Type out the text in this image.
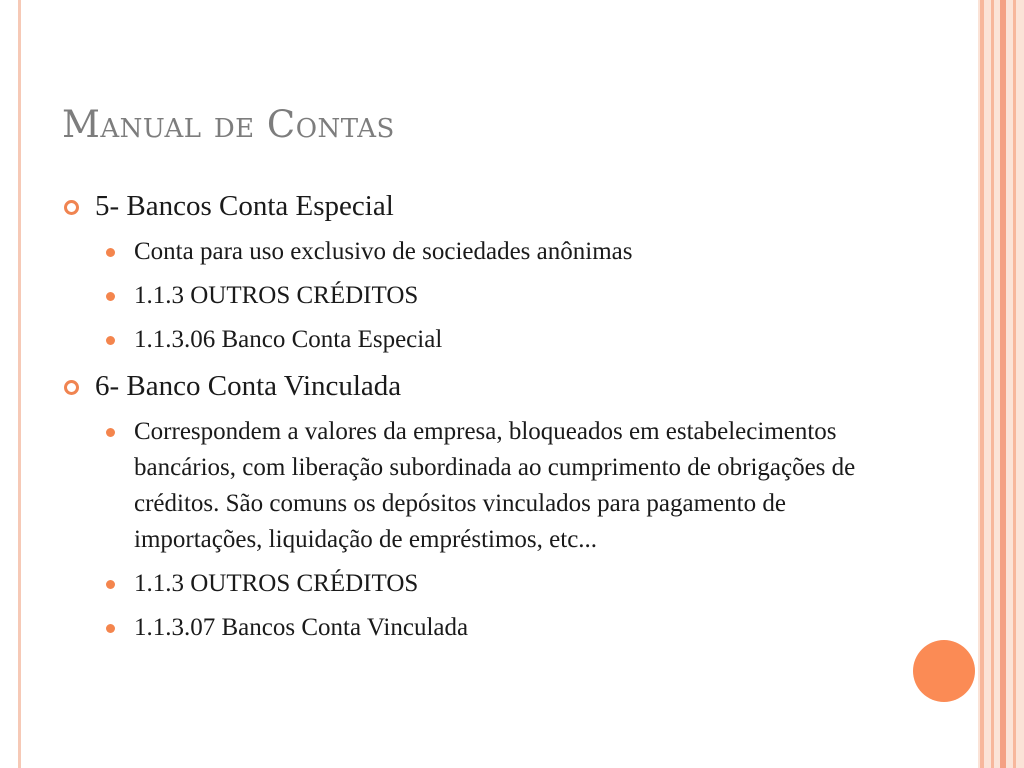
Manual de Contas
5- Bancos Conta Especial
Conta para uso exclusivo de sociedades anônimas
1.1.3 OUTROS CRÉDITOS
1.1.3.06 Banco Conta Especial
6- Banco Conta Vinculada
Correspondem a valores da empresa, bloqueados em estabelecimentos bancários, com liberação subordinada ao cumprimento de obrigações de créditos. São comuns os depósitos vinculados para pagamento de importações, liquidação de empréstimos, etc...
1.1.3 OUTROS CRÉDITOS
1.1.3.07 Bancos Conta Vinculada
